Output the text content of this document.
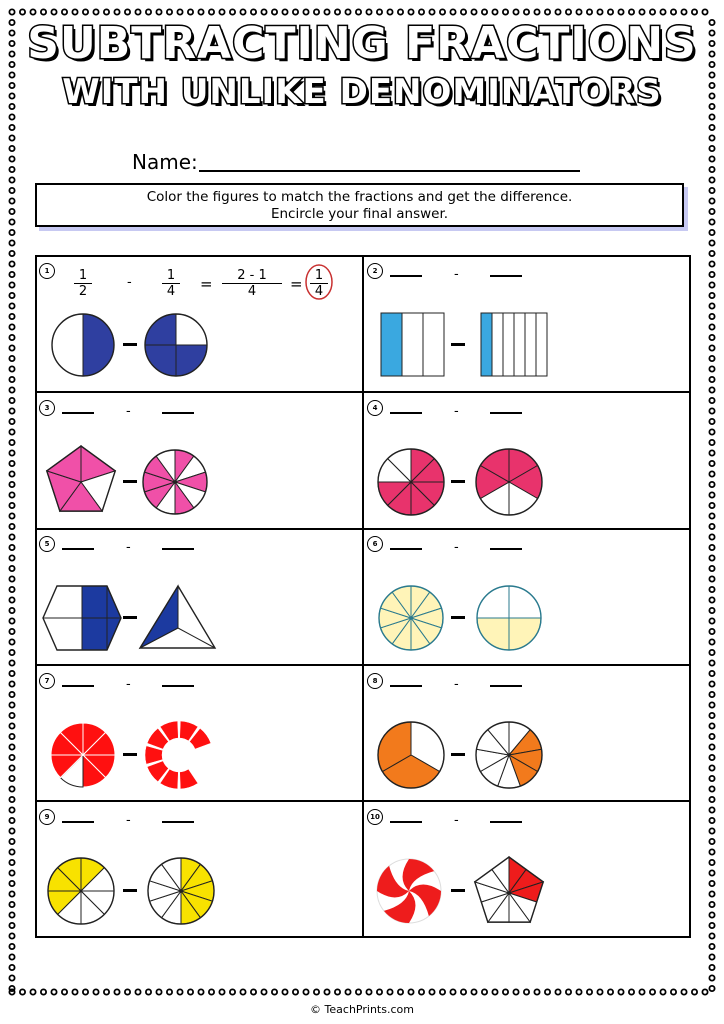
SUBTRACTING FRACTIONS
WITH UNLIKE DENOMINATORS
Name:
Color the figures to match the fractions and get the difference.
Encircle your final answer.
$\frac{1}{2}$	- $\frac{1}{4} = \frac{2 - 1}{4} = \frac{1}{4}$
1	2	-
3	-	4	-
5	-	6	-
7	-	8	-
9	-	10	-
© TeachPrints.com
